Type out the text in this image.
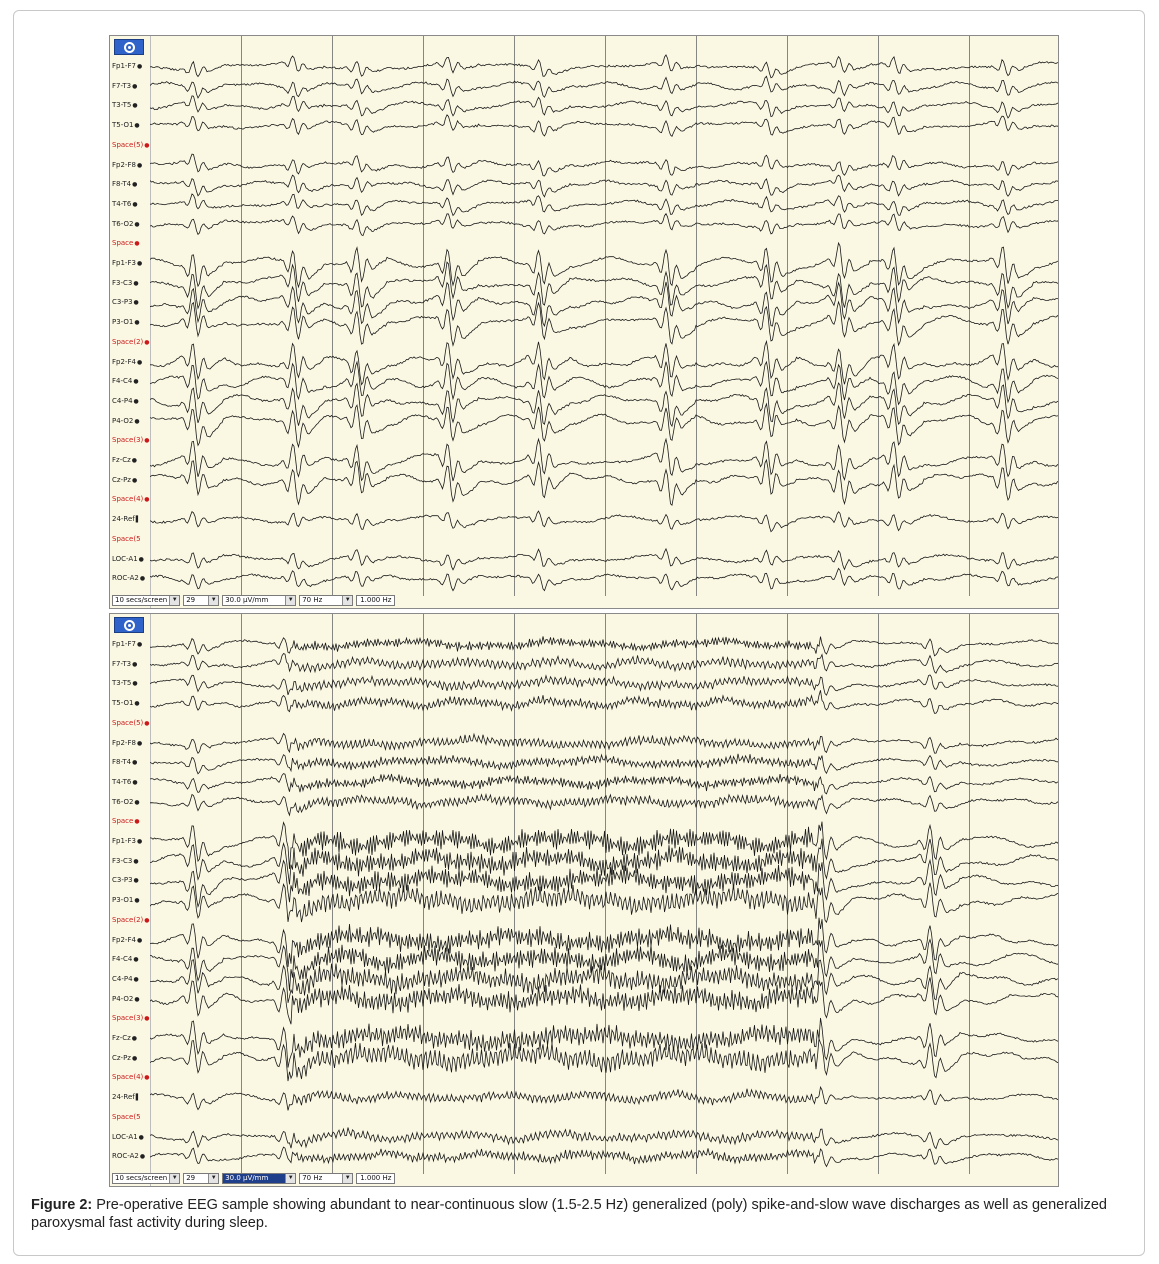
Fp1-F7●
F7-T3●
T3-T5●
T5-O1●
Space(5)●
Fp2-F8●
F8-T4●
T4-T6●
T6-O2●
Space●
Fp1-F3●
F3-C3●
C3-P3●
P3-O1●
Space(2)●
Fp2-F4●
F4-C4●
C4-P4●
P4-O2●
Space(3)●
Fz-Cz●
Cz-Pz●
Space(4)●
24-Ref▌
Space(5
LOC-A1●
ROC-A2●
10 secs/screen ▼ 29	▼ 30.0 µV/mm	▼ 70 Hz	▼	1.000 Hz
Fp1-F7●
F7-T3●
T3-T5●
T5-O1●
Space(5)●
Fp2-F8●
F8-T4●
T4-T6●
T6-O2●
Space●
Fp1-F3●
F3-C3●
C3-P3●
P3-O1●
Space(2)●
Fp2-F4●
F4-C4●
C4-P4●
P4-O2●
Space(3)●
Fz-Cz●
Cz-Pz●
Space(4)●
24-Ref▌
Space(5
LOC-A1●
ROC-A2●
10 secs/screen ▼ 29	▼ 30.0 µV/mm	▼ 70 Hz	▼	1.000 Hz
Figure 2: Pre-operative EEG sample showing abundant to near-continuous slow (1.5-2.5 Hz) generalized (poly) spike-and-slow wave discharges as well as generalized paroxysmal fast activity during sleep.
